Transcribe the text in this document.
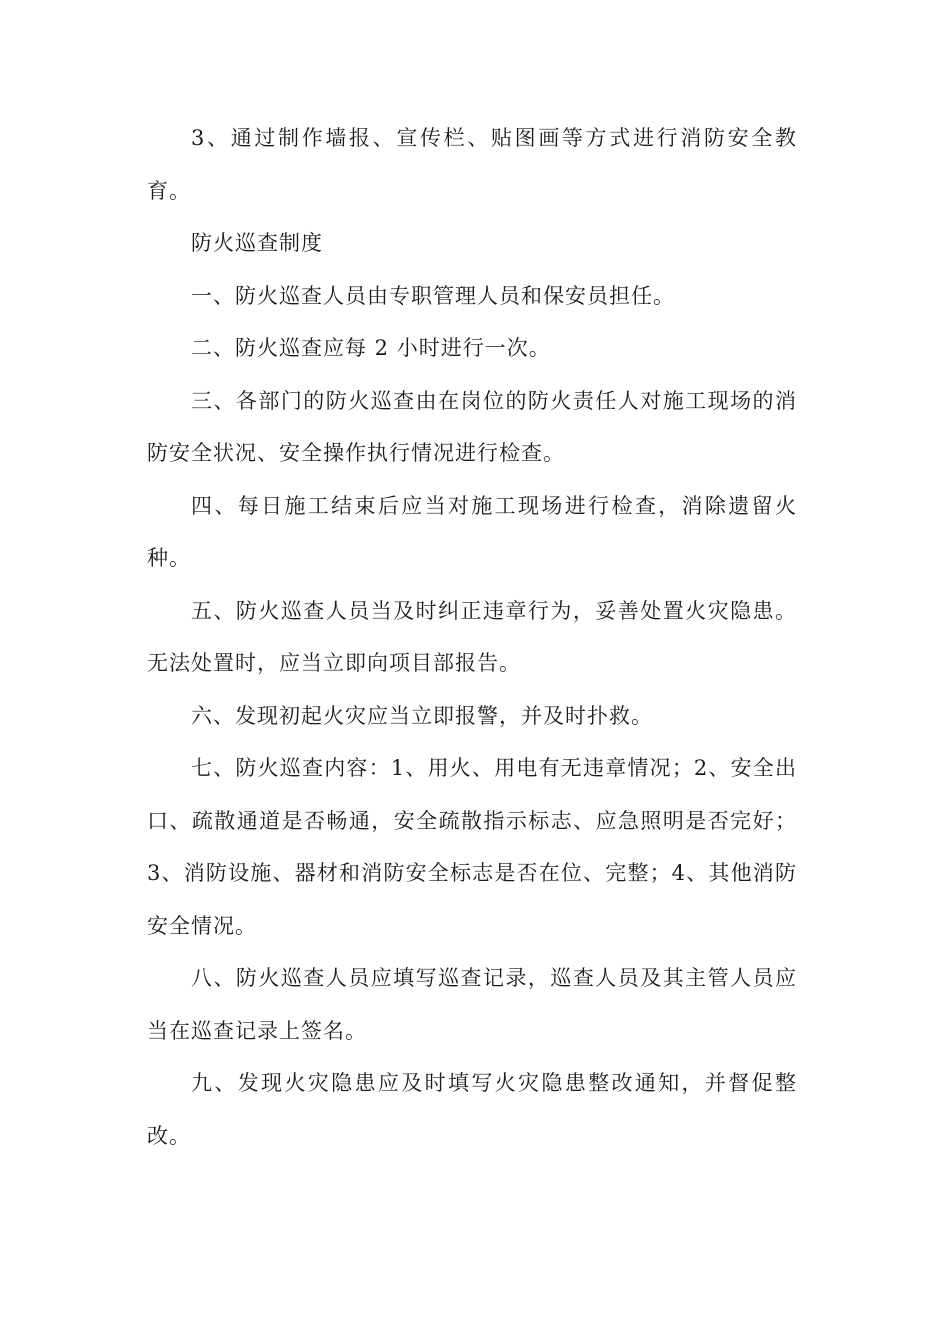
3、通过制作墙报、宣传栏、贴图画等方式进行消防安全教育。

防火巡查制度

一、防火巡查人员由专职管理人员和保安员担任。

二、防火巡查应每 2 小时进行一次。

三、各部门的防火巡查由在岗位的防火责任人对施工现场的消防安全状况、安全操作执行情况进行检查。

四、每日施工结束后应当对施工现场进行检查，消除遗留火种。

五、防火巡查人员当及时纠正违章行为，妥善处置火灾隐患。无法处置时，应当立即向项目部报告。

六、发现初起火灾应当立即报警，并及时扑救。

七、防火巡查内容：1、用火、用电有无违章情况；2、安全出口、疏散通道是否畅通，安全疏散指示标志、应急照明是否完好；3、消防设施、器材和消防安全标志是否在位、完整；4、其他消防安全情况。

八、防火巡查人员应填写巡查记录，巡查人员及其主管人员应当在巡查记录上签名。

九、发现火灾隐患应及时填写火灾隐患整改通知，并督促整改。
